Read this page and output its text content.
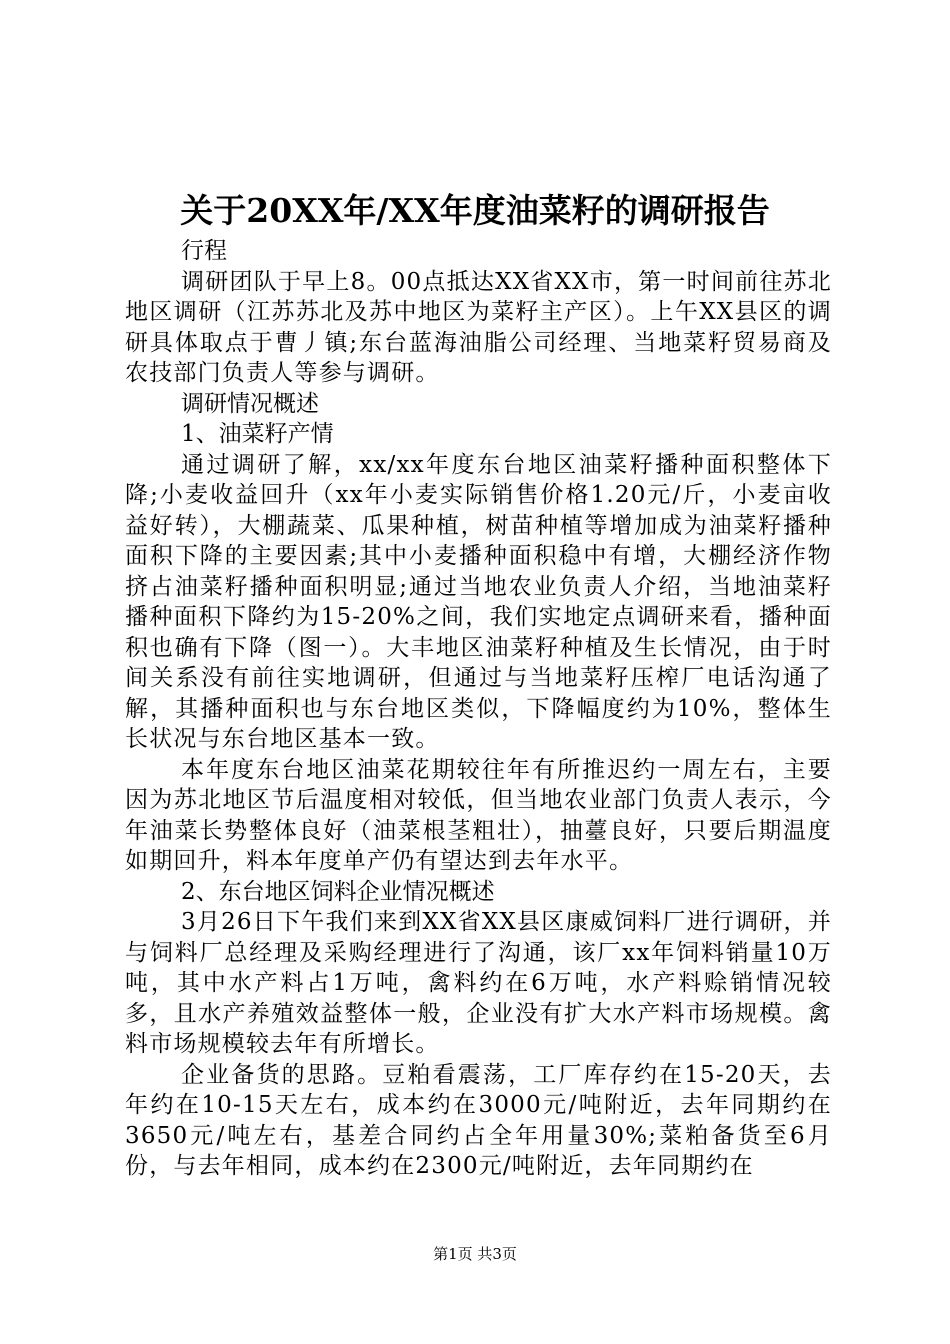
关于20XX年/XX年度油菜籽的调研报告

行程

调研团队于早上8。00点抵达XX省XX市，第一时间前往苏北地区调研（江苏苏北及苏中地区为菜籽主产区）。上午XX县区的调研具体取点于曹丿镇;东台蓝海油脂公司经理、当地菜籽贸易商及农技部门负责人等参与调研。

调研情况概述

1、油菜籽产情

通过调研了解，xx/xx年度东台地区油菜籽播种面积整体下降;小麦收益回升（xx年小麦实际销售价格1.20元/斤，小麦亩收益好转），大棚蔬菜、瓜果种植，树苗种植等增加成为油菜籽播种面积下降的主要因素;其中小麦播种面积稳中有增，大棚经济作物挤占油菜籽播种面积明显;通过当地农业负责人介绍，当地油菜籽播种面积下降约为15-20%之间，我们实地定点调研来看，播种面积也确有下降（图一）。大丰地区油菜籽种植及生长情况，由于时间关系没有前往实地调研，但通过与当地菜籽压榨厂电话沟通了解，其播种面积也与东台地区类似，下降幅度约为10%，整体生长状况与东台地区基本一致。

本年度东台地区油菜花期较往年有所推迟约一周左右，主要因为苏北地区节后温度相对较低，但当地农业部门负责人表示，今年油菜长势整体良好（油菜根茎粗壮），抽薹良好，只要后期温度如期回升，料本年度单产仍有望达到去年水平。

2、东台地区饲料企业情况概述

3月26日下午我们来到XX省XX县区康威饲料厂进行调研，并与饲料厂总经理及采购经理进行了沟通，该厂xx年饲料销量10万吨，其中水产料占1万吨，禽料约在6万吨，水产料赊销情况较多，且水产养殖效益整体一般，企业没有扩大水产料市场规模。禽料市场规模较去年有所增长。

企业备货的思路。豆粕看震荡，工厂库存约在15-20天，去年约在10-15天左右，成本约在3000元/吨附近，去年同期约在3650元/吨左右，基差合同约占全年用量30%;菜粕备货至6月份，与去年相同，成本约在2300元/吨附近，去年同期约在

第1页 共3页
